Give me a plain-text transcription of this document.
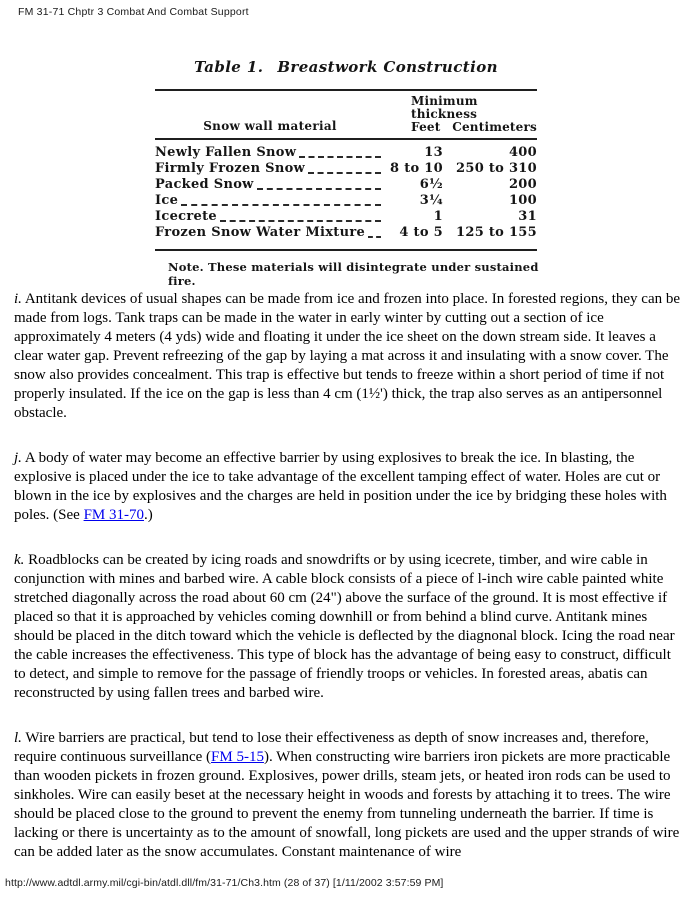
FM 31-71 Chptr 3 Combat And Combat Support
Table 1. Breastwork Construction
Snow wall material
Minimum thickness
Feet Centimeters
Newly Fallen Snow	13	400
Firmly Frozen Snow	8 to 10	250 to 310
Packed Snow	6½	200
Ice	3¼	100
Icecrete	1	31
Frozen Snow Water Mixture	4 to 5	125 to 155
Note. These materials will disintegrate under sustained fire.

i. Antitank devices of usual shapes can be made from ice and frozen into place. In forested regions, they can be made from logs. Tank traps can be made in the water in early winter by cutting out a section of ice approximately 4 meters (4 yds) wide and floating it under the ice sheet on the down stream side. It leaves a clear water gap. Prevent refreezing of the gap by laying a mat across it and insulating with a snow cover. The snow also provides concealment. This trap is effective but tends to freeze within a short period of time if not properly insulated. If the ice on the gap is less than 4 cm (1½') thick, the trap also serves as an antipersonnel obstacle.

j. A body of water may become an effective barrier by using explosives to break the ice. In blasting, the explosive is placed under the ice to take advantage of the excellent tamping effect of water. Holes are cut or blown in the ice by explosives and the charges are held in position under the ice by bridging these holes with poles. (See FM 31-70.)

k. Roadblocks can be created by icing roads and snowdrifts or by using icecrete, timber, and wire cable in conjunction with mines and barbed wire. A cable block consists of a piece of l-inch wire cable painted white stretched diagonally across the road about 60 cm (24") above the surface of the ground. It is most effective if placed so that it is approached by vehicles coming downhill or from behind a blind curve. Antitank mines should be placed in the ditch toward which the vehicle is deflected by the diagnonal block. Icing the road near the cable increases the effectiveness. This type of block has the advantage of being easy to construct, difficult to detect, and simple to remove for the passage of friendly troops or vehicles. In forested areas, abatis can reconstructed by using fallen trees and barbed wire.

l. Wire barriers are practical, but tend to lose their effectiveness as depth of snow increases and, therefore, require continuous surveillance (FM 5-15). When constructing wire barriers iron pickets are more practicable than wooden pickets in frozen ground. Explosives, power drills, steam jets, or heated iron rods can be used to sinkholes. Wire can easily beset at the necessary height in woods and forests by attaching it to trees. The wire should be placed close to the ground to prevent the enemy from tunneling underneath the barrier. If time is lacking or there is uncertainty as to the amount of snowfall, long pickets are used and the upper strands of wire can be added later as the snow accumulates. Constant maintenance of wire

http://www.adtdl.army.mil/cgi-bin/atdl.dll/fm/31-71/Ch3.htm (28 of 37) [1/11/2002 3:57:59 PM]
